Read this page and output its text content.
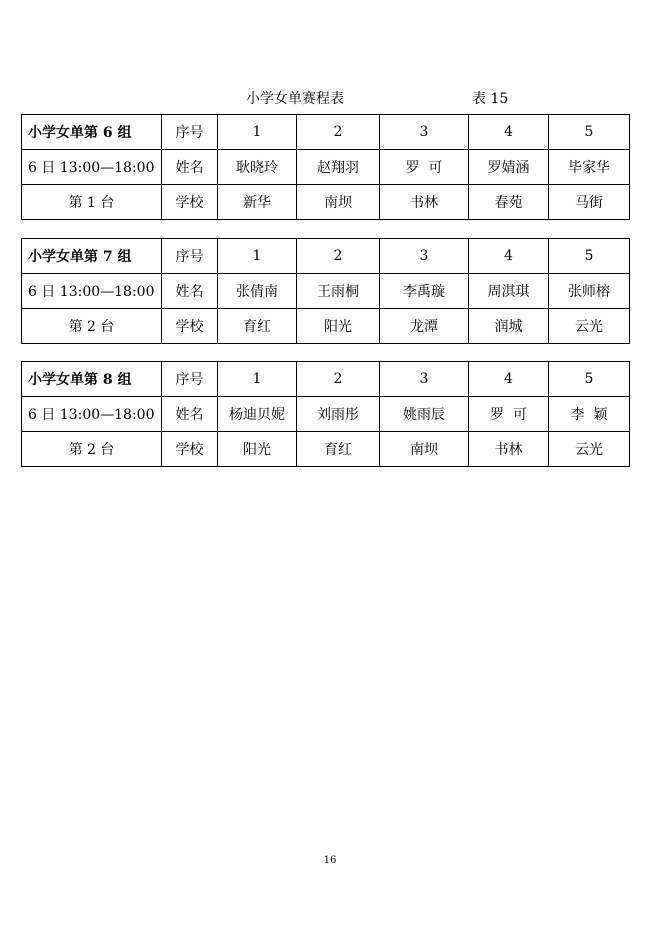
小学女单赛程表	表 15
小学女单第 6 组	序号	1	2	3	4	5
6 日 13:00—18:00	姓名	耿晓玲	赵翔羽	罗  可	罗婧涵	毕家华
第 1 台	学校	新华	南坝	书林	春苑	马街
小学女单第 7 组	序号	1	2	3	4	5
6 日 13:00—18:00	姓名	张倩南	王雨桐	李禹璇	周淇琪	张师榕
第 2 台	学校	育红	阳光	龙潭	润城	云光
小学女单第 8 组	序号	1	2	3	4	5
6 日 13:00—18:00	姓名	杨迪贝妮	刘雨彤	姚雨辰	罗  可	李  颖
第 2 台	学校	阳光	育红	南坝	书林	云光
16
